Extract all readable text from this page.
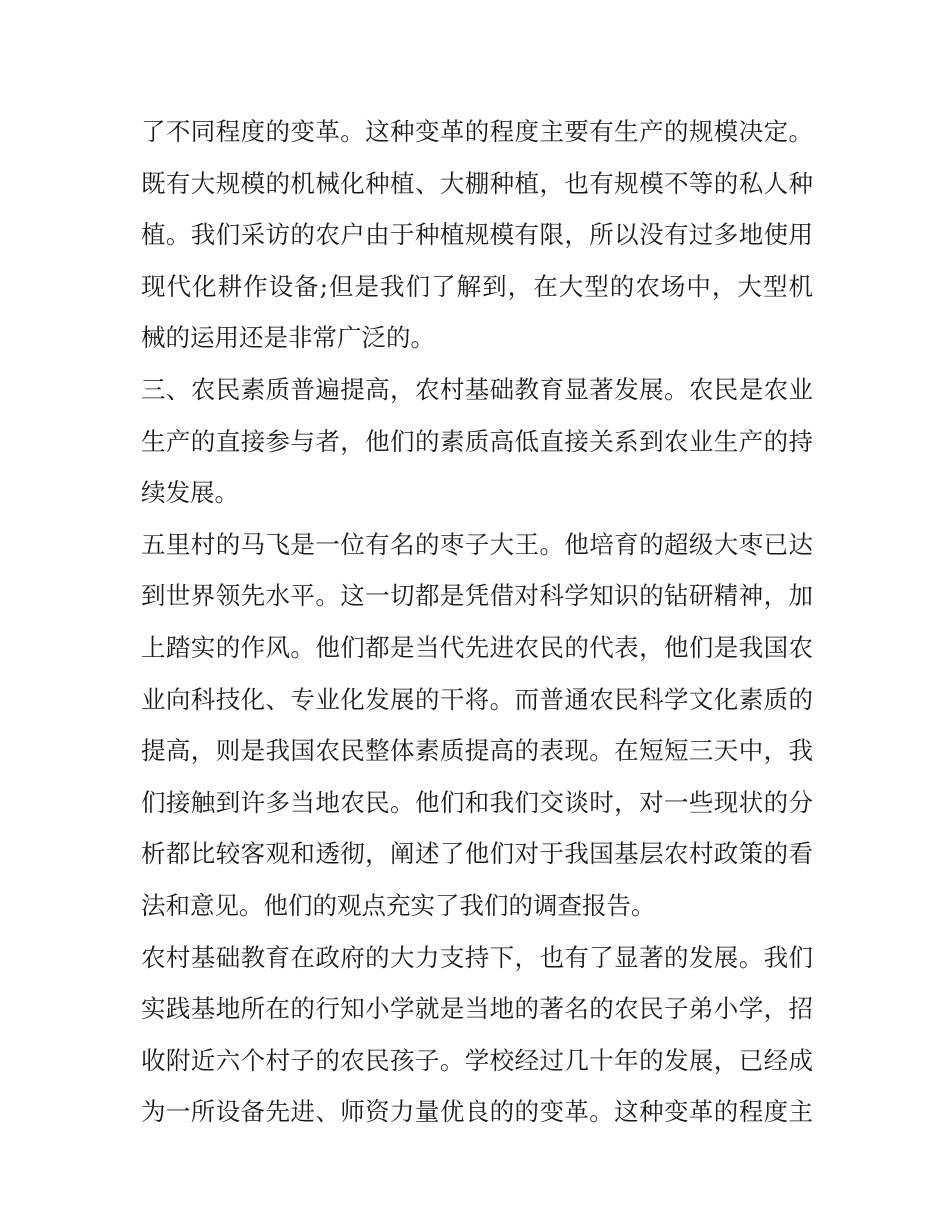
了不同程度的变革。这种变革的程度主要有生产的规模决定。
既有大规模的机械化种植、大棚种植，也有规模不等的私人种
植。我们采访的农户由于种植规模有限，所以没有过多地使用
现代化耕作设备;但是我们了解到，在大型的农场中，大型机
械的运用还是非常广泛的。
三、农民素质普遍提高，农村基础教育显著发展。农民是农业
生产的直接参与者，他们的素质高低直接关系到农业生产的持
续发展。
五里村的马飞是一位有名的枣子大王。他培育的超级大枣已达
到世界领先水平。这一切都是凭借对科学知识的钻研精神，加
上踏实的作风。他们都是当代先进农民的代表，他们是我国农
业向科技化、专业化发展的干将。而普通农民科学文化素质的
提高，则是我国农民整体素质提高的表现。在短短三天中，我
们接触到许多当地农民。他们和我们交谈时，对一些现状的分
析都比较客观和透彻，阐述了他们对于我国基层农村政策的看
法和意见。他们的观点充实了我们的调查报告。
农村基础教育在政府的大力支持下，也有了显著的发展。我们
实践基地所在的行知小学就是当地的著名的农民子弟小学，招
收附近六个村子的农民孩子。学校经过几十年的发展，已经成
为一所设备先进、师资力量优良的的变革。这种变革的程度主
